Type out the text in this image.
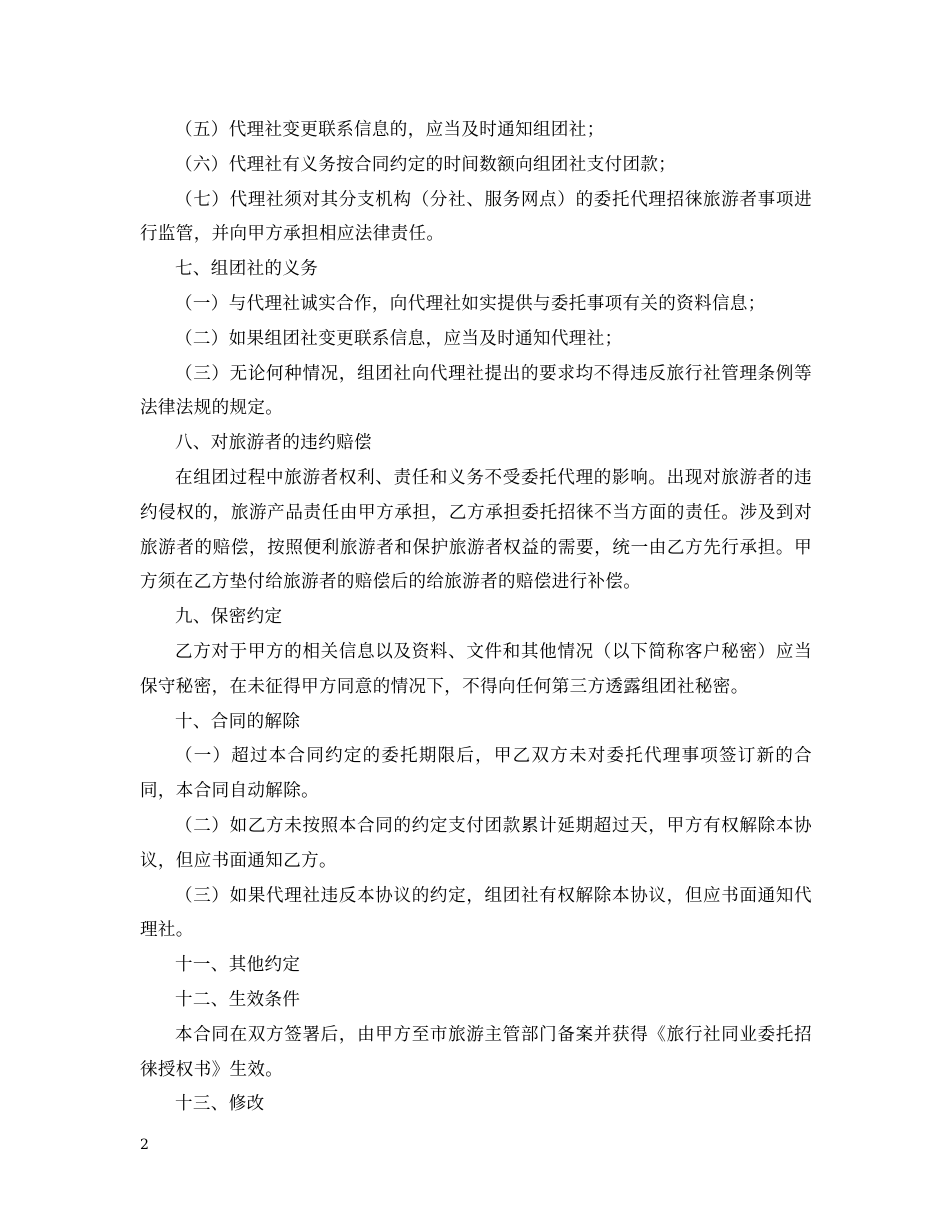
（五）代理社变更联系信息的，应当及时通知组团社；

（六）代理社有义务按合同约定的时间数额向组团社支付团款；

（七）代理社须对其分支机构（分社、服务网点）的委托代理招徕旅游者事项进行监管，并向甲方承担相应法律责任。

七、组团社的义务

（一）与代理社诚实合作，向代理社如实提供与委托事项有关的资料信息；

（二）如果组团社变更联系信息，应当及时通知代理社；

（三）无论何种情况，组团社向代理社提出的要求均不得违反旅行社管理条例等法律法规的规定。

八、对旅游者的违约赔偿

在组团过程中旅游者权利、责任和义务不受委托代理的影响。出现对旅游者的违约侵权的，旅游产品责任由甲方承担，乙方承担委托招徕不当方面的责任。涉及到对旅游者的赔偿，按照便利旅游者和保护旅游者权益的需要，统一由乙方先行承担。甲方须在乙方垫付给旅游者的赔偿后的给旅游者的赔偿进行补偿。

九、保密约定

乙方对于甲方的相关信息以及资料、文件和其他情况（以下简称客户秘密）应当保守秘密，在未征得甲方同意的情况下，不得向任何第三方透露组团社秘密。

十、合同的解除

（一）超过本合同约定的委托期限后，甲乙双方未对委托代理事项签订新的合同，本合同自动解除。

（二）如乙方未按照本合同的约定支付团款累计延期超过天，甲方有权解除本协议，但应书面通知乙方。

（三）如果代理社违反本协议的约定，组团社有权解除本协议，但应书面通知代理社。

十一、其他约定

十二、生效条件

本合同在双方签署后，由甲方至市旅游主管部门备案并获得《旅行社同业委托招徕授权书》生效。

十三、修改

2
